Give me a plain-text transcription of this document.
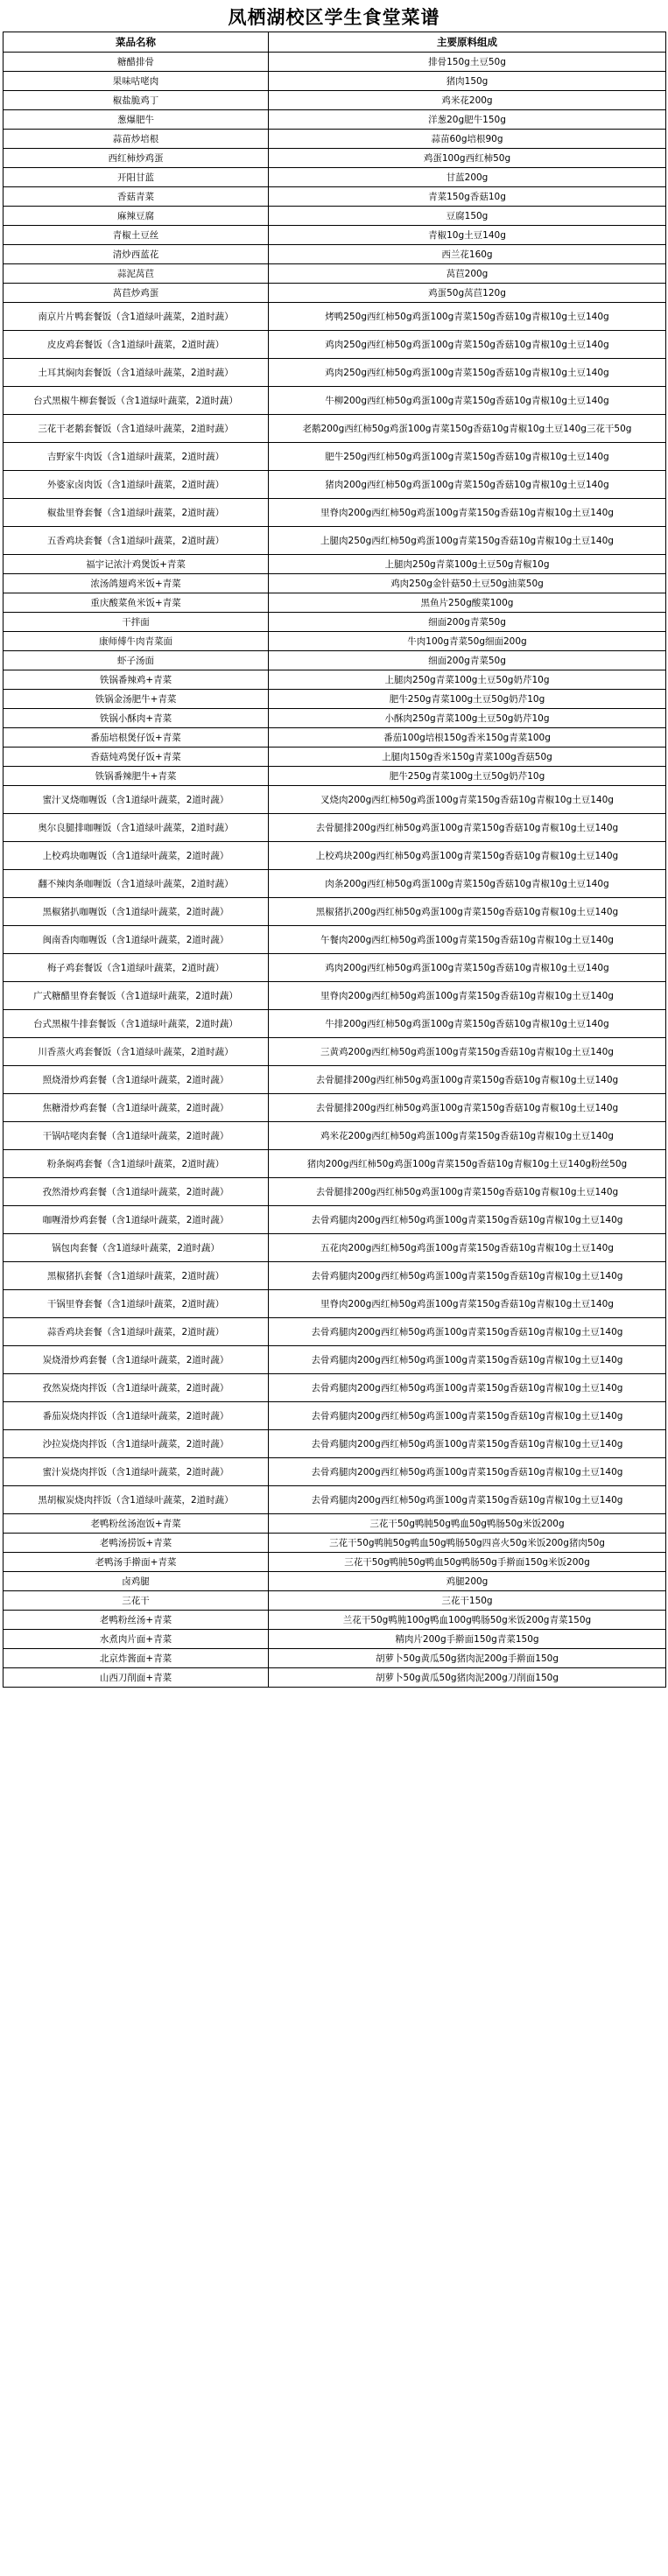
凤栖湖校区学生食堂菜谱
菜品名称	主要原料组成
糖醋排骨	排骨150g土豆50g
果味咕咾肉	猪肉150g
椒盐脆鸡丁	鸡米花200g
葱爆肥牛	洋葱20g肥牛150g
蒜苗炒培根	蒜苗60g培根90g
西红柿炒鸡蛋	鸡蛋100g西红柿50g
开阳甘蓝	甘蓝200g
香菇青菜	青菜150g香菇10g
麻辣豆腐	豆腐150g
青椒土豆丝	青椒10g土豆140g
清炒西蓝花	西兰花160g
蒜泥莴苣	莴苣200g
莴苣炒鸡蛋	鸡蛋50g莴苣120g
南京片片鸭套餐饭（含1道绿叶蔬菜，2道时蔬）	烤鸭250g西红柿50g鸡蛋100g青菜150g香菇10g青椒10g土豆140g
皮皮鸡套餐饭（含1道绿叶蔬菜，2道时蔬）	鸡肉250g西红柿50g鸡蛋100g青菜150g香菇10g青椒10g土豆140g
土耳其焖肉套餐饭（含1道绿叶蔬菜，2道时蔬）	鸡肉250g西红柿50g鸡蛋100g青菜150g香菇10g青椒10g土豆140g
台式黑椒牛柳套餐饭（含1道绿叶蔬菜，2道时蔬）	牛柳200g西红柿50g鸡蛋100g青菜150g香菇10g青椒10g土豆140g
三花干老鹅套餐饭（含1道绿叶蔬菜，2道时蔬）	老鹅200g西红柿50g鸡蛋100g青菜150g香菇10g青椒10g土豆140g三花干50g
吉野家牛肉饭（含1道绿叶蔬菜，2道时蔬）	肥牛250g西红柿50g鸡蛋100g青菜150g香菇10g青椒10g土豆140g
外婆家卤肉饭（含1道绿叶蔬菜，2道时蔬）	猪肉200g西红柿50g鸡蛋100g青菜150g香菇10g青椒10g土豆140g
椒盐里脊套餐（含1道绿叶蔬菜，2道时蔬）	里脊肉200g西红柿50g鸡蛋100g青菜150g香菇10g青椒10g土豆140g
五香鸡块套餐（含1道绿叶蔬菜，2道时蔬）	上腿肉250g西红柿50g鸡蛋100g青菜150g香菇10g青椒10g土豆140g
福宇记浓汁鸡煲饭+青菜	上腿肉250g青菜100g土豆50g青椒10g
浓汤鸽翅鸡米饭+青菜	鸡肉250g金针菇50土豆50g油菜50g
重庆酸菜鱼米饭+青菜	黑鱼片250g酸菜100g
干拌面	细面200g青菜50g
康师傅牛肉青菜面	牛肉100g青菜50g细面200g
虾子汤面	细面200g青菜50g
铁锅番辣鸡+青菜	上腿肉250g青菜100g土豆50g奶芹10g
铁锅金汤肥牛+青菜	肥牛250g青菜100g土豆50g奶芹10g
铁锅小酥肉+青菜	小酥肉250g青菜100g土豆50g奶芹10g
番茄培根煲仔饭+青菜	番茄100g培根150g香米150g青菜100g
香菇炖鸡煲仔饭+青菜	上腿肉150g香米150g青菜100g香菇50g
铁锅番辣肥牛+青菜	肥牛250g青菜100g土豆50g奶芹10g
蜜汁叉烧咖喱饭（含1道绿叶蔬菜，2道时蔬）	叉烧肉200g西红柿50g鸡蛋100g青菜150g香菇10g青椒10g土豆140g
奥尔良腿排咖喱饭（含1道绿叶蔬菜，2道时蔬）	去骨腿排200g西红柿50g鸡蛋100g青菜150g香菇10g青椒10g土豆140g
上校鸡块咖喱饭（含1道绿叶蔬菜，2道时蔬）	上校鸡块200g西红柿50g鸡蛋100g青菜150g香菇10g青椒10g土豆140g
翻不辣肉条咖喱饭（含1道绿叶蔬菜，2道时蔬）	肉条200g西红柿50g鸡蛋100g青菜150g香菇10g青椒10g土豆140g
黑椒猪扒咖喱饭（含1道绿叶蔬菜，2道时蔬）	黑椒猪扒200g西红柿50g鸡蛋100g青菜150g香菇10g青椒10g土豆140g
闽南香肉咖喱饭（含1道绿叶蔬菜，2道时蔬）	午餐肉200g西红柿50g鸡蛋100g青菜150g香菇10g青椒10g土豆140g
梅子鸡套餐饭（含1道绿叶蔬菜，2道时蔬）	鸡肉200g西红柿50g鸡蛋100g青菜150g香菇10g青椒10g土豆140g
广式糖醋里脊套餐饭（含1道绿叶蔬菜，2道时蔬）	里脊肉200g西红柿50g鸡蛋100g青菜150g香菇10g青椒10g土豆140g
台式黑椒牛排套餐饭（含1道绿叶蔬菜，2道时蔬）	牛排200g西红柿50g鸡蛋100g青菜150g香菇10g青椒10g土豆140g
川香蒸火鸡套餐饭（含1道绿叶蔬菜，2道时蔬）	三黄鸡200g西红柿50g鸡蛋100g青菜150g香菇10g青椒10g土豆140g
照烧滑炒鸡套餐（含1道绿叶蔬菜，2道时蔬）	去骨腿排200g西红柿50g鸡蛋100g青菜150g香菇10g青椒10g土豆140g
焦糖滑炒鸡套餐（含1道绿叶蔬菜，2道时蔬）	去骨腿排200g西红柿50g鸡蛋100g青菜150g香菇10g青椒10g土豆140g
干锅咕咾肉套餐（含1道绿叶蔬菜，2道时蔬）	鸡米花200g西红柿50g鸡蛋100g青菜150g香菇10g青椒10g土豆140g
粉条焖鸡套餐（含1道绿叶蔬菜，2道时蔬）	猪肉200g西红柿50g鸡蛋100g青菜150g香菇10g青椒10g土豆140g粉丝50g
孜然滑炒鸡套餐（含1道绿叶蔬菜，2道时蔬）	去骨腿排200g西红柿50g鸡蛋100g青菜150g香菇10g青椒10g土豆140g
咖喱滑炒鸡套餐（含1道绿叶蔬菜，2道时蔬）	去骨鸡腿肉200g西红柿50g鸡蛋100g青菜150g香菇10g青椒10g土豆140g
锅包肉套餐（含1道绿叶蔬菜，2道时蔬）	五花肉200g西红柿50g鸡蛋100g青菜150g香菇10g青椒10g土豆140g
黑椒猪扒套餐（含1道绿叶蔬菜，2道时蔬）	去骨鸡腿肉200g西红柿50g鸡蛋100g青菜150g香菇10g青椒10g土豆140g
干锅里脊套餐（含1道绿叶蔬菜，2道时蔬）	里脊肉200g西红柿50g鸡蛋100g青菜150g香菇10g青椒10g土豆140g
蒜香鸡块套餐（含1道绿叶蔬菜，2道时蔬）	去骨鸡腿肉200g西红柿50g鸡蛋100g青菜150g香菇10g青椒10g土豆140g
炭烧滑炒鸡套餐（含1道绿叶蔬菜，2道时蔬）	去骨鸡腿肉200g西红柿50g鸡蛋100g青菜150g香菇10g青椒10g土豆140g
孜然炭烧肉拌饭（含1道绿叶蔬菜，2道时蔬）	去骨鸡腿肉200g西红柿50g鸡蛋100g青菜150g香菇10g青椒10g土豆140g
番茄炭烧肉拌饭（含1道绿叶蔬菜，2道时蔬）	去骨鸡腿肉200g西红柿50g鸡蛋100g青菜150g香菇10g青椒10g土豆140g
沙拉炭烧肉拌饭（含1道绿叶蔬菜，2道时蔬）	去骨鸡腿肉200g西红柿50g鸡蛋100g青菜150g香菇10g青椒10g土豆140g
蜜汁炭烧肉拌饭（含1道绿叶蔬菜，2道时蔬）	去骨鸡腿肉200g西红柿50g鸡蛋100g青菜150g香菇10g青椒10g土豆140g
黑胡椒炭烧肉拌饭（含1道绿叶蔬菜，2道时蔬）	去骨鸡腿肉200g西红柿50g鸡蛋100g青菜150g香菇10g青椒10g土豆140g
老鸭粉丝汤泡饭+青菜	三花干50g鸭肫50g鸭血50g鸭肠50g米饭200g
老鸭汤捞饭+青菜	三花干50g鸭肫50g鸭血50g鸭肠50g四喜火50g米饭200g猪肉50g
老鸭汤手擀面+青菜	三花干50g鸭肫50g鸭血50g鸭肠50g手擀面150g米饭200g
卤鸡腿	鸡腿200g
三花干	三花干150g
老鸭粉丝汤+青菜	兰花干50g鸭肫100g鸭血100g鸭肠50g米饭200g青菜150g
水煮肉片面+青菜	精肉片200g手擀面150g青菜150g
北京炸酱面+青菜	胡萝卜50g黄瓜50g猪肉泥200g手擀面150g
山西刀削面+青菜	胡萝卜50g黄瓜50g猪肉泥200g刀削面150g
